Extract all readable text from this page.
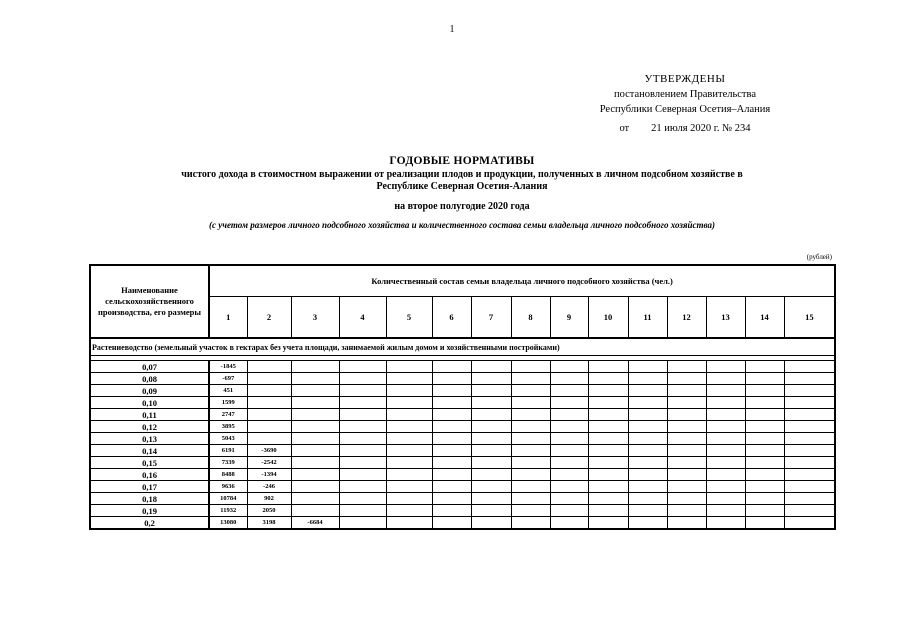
1
УТВЕРЖДЕНЫ
постановлением Правительства
Республики Северная Осетия–Алания
от 21 июля 2020 г. № 234
ГОДОВЫЕ НОРМАТИВЫ
чистого дохода в стоимостном выражении от реализации плодов и продукции, полученных в личном подсобном хозяйстве в
Республике Северная Осетия-Алания
на второе полугодие 2020 года
(с учетом размеров личного подсобного хозяйства и количественного состава семьи владельца личного подсобного хозяйства)
(рублей)
Наименование сельскохозяйственного производства, его размеры	Количественный состав семьи владельца личного подсобного хозяйства (чел.)														
	1	2	3	4	5	6	7	8	9	10	11	12	13	14	15
Растениеводство (земельный участок в гектарах без учета площади, занимаемой жилым домом и хозяйственными постройками)															

0,07	-1845														
0,08	-697														
0,09	451														
0,10	1599														
0,11	2747														
0,12	3895														
0,13	5043														
0,14	6191	-3690													
0,15	7339	-2542													
0,16	8488	-1394													
0,17	9636	-246													
0,18	10784	902													
0,19	11932	2050													
0,2	13080	3198	-6684												
